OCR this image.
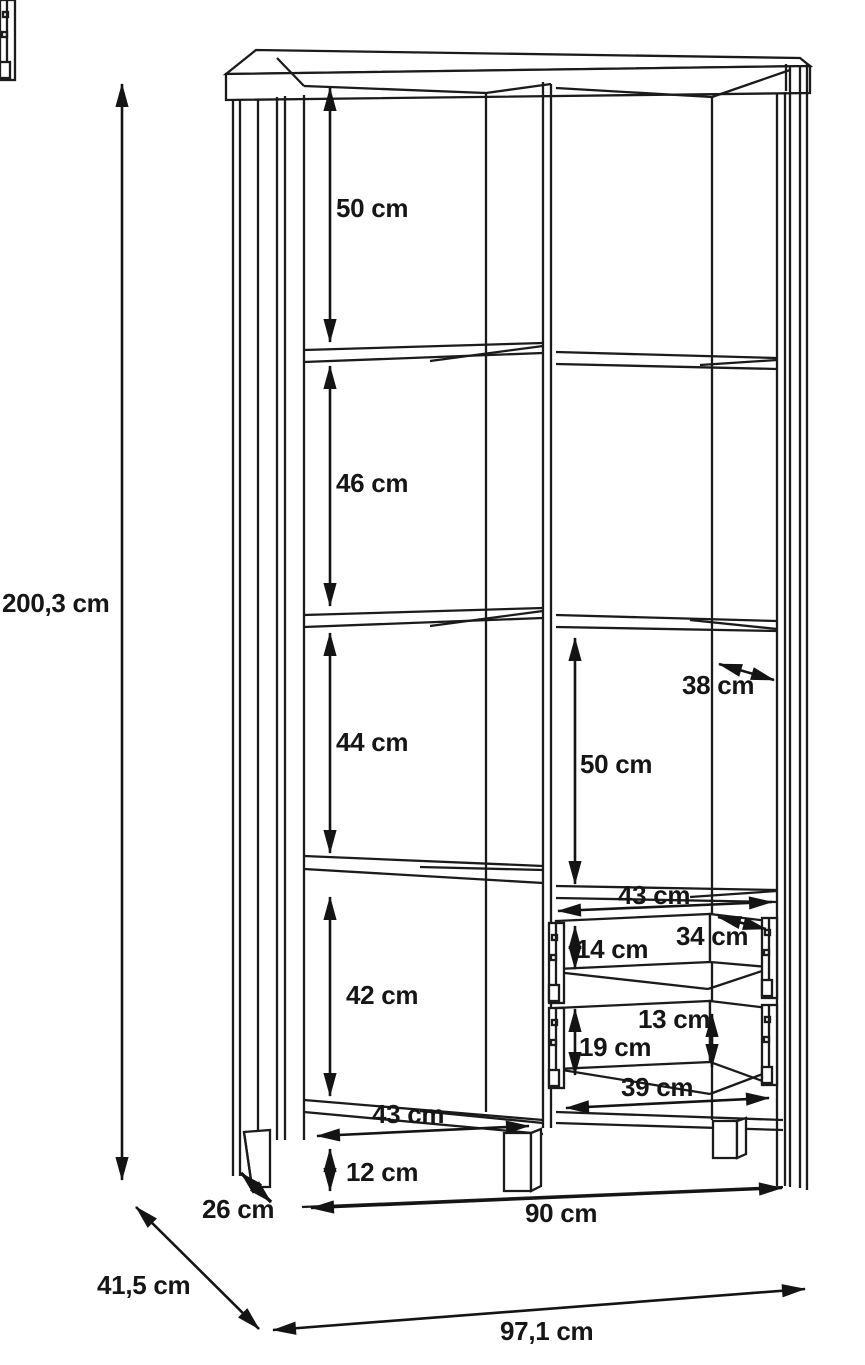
200,3 cm
50 cm
46 cm
44 cm
42 cm
38 cm
50 cm
43 cm
34 cm
14 cm
13 cm
19 cm
39 cm
43 cm
12 cm
26 cm	90 cm
41,5 cm
97,1 cm
